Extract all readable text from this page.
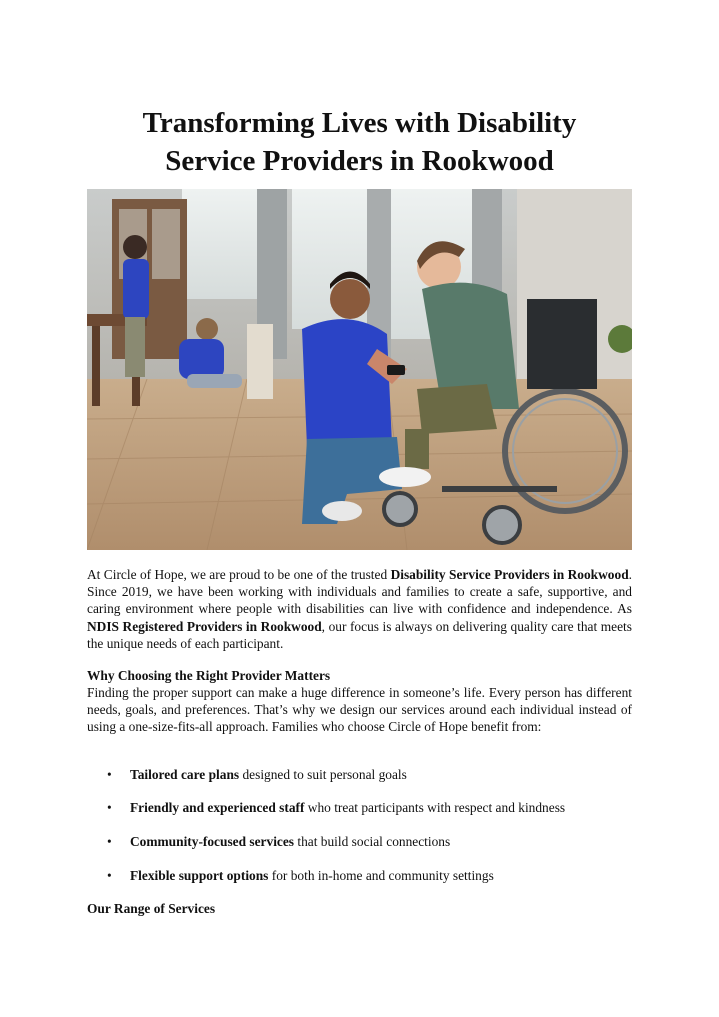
Transforming Lives with Disability
Service Providers in Rookwood

At Circle of Hope, we are proud to be one of the trusted Disability Service Providers in Rookwood. Since 2019, we have been working with individuals and families to create a safe, supportive, and caring environment where people with disabilities can live with confidence and independence. As NDIS Registered Providers in Rookwood, our focus is always on delivering quality care that meets the unique needs of each participant.

Why Choosing the Right Provider Matters

Finding the proper support can make a huge difference in someone’s life. Every person has different needs, goals, and preferences. That’s why we design our services around each individual instead of using a one-size-fits-all approach. Families who choose Circle of Hope benefit from:

• Tailored care plans designed to suit personal goals
• Friendly and experienced staff who treat participants with respect and kindness
• Community-focused services that build social connections
• Flexible support options for both in-home and community settings
Our Range of Services
